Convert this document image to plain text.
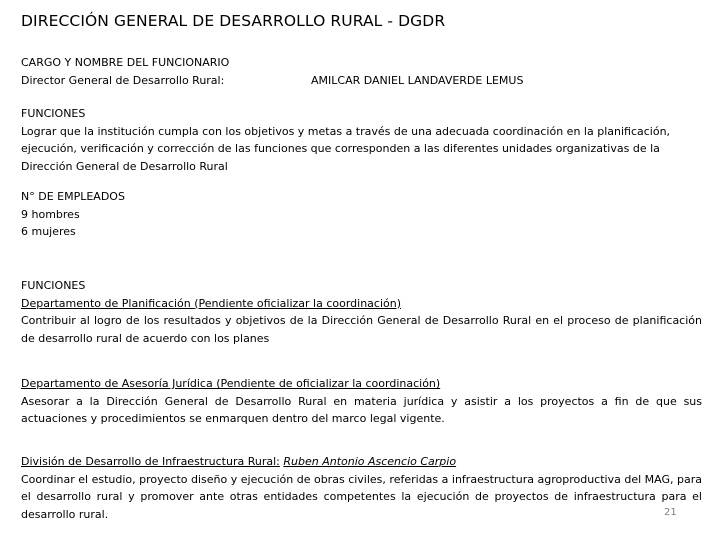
DIRECCIÓN GENERAL DE DESARROLLO RURAL - DGDR
CARGO Y NOMBRE DEL FUNCIONARIO
Director General de Desarrollo Rural:	AMILCAR DANIEL LANDAVERDE LEMUS
FUNCIONES
Lograr que la institución cumpla con los objetivos y metas a través de una adecuada coordinación en la planificación,
ejecución, verificación y corrección de las funciones que corresponden a las diferentes unidades organizativas de la
Dirección General de Desarrollo Rural
N° DE EMPLEADOS
9 hombres
6 mujeres
FUNCIONES
Departamento de Planificación (Pendiente oficializar la coordinación)
Contribuir al logro de los resultados y objetivos de la Dirección General de Desarrollo Rural en el proceso de planificación de desarrollo rural de acuerdo con los planes
Departamento de Asesoría Jurídica (Pendiente de oficializar la coordinación)
Asesorar a la Dirección General de Desarrollo Rural en materia jurídica y asistir a los proyectos a fin de que sus actuaciones y procedimientos se enmarquen dentro del marco legal vigente.
División de Desarrollo de Infraestructura Rural: Ruben Antonio Ascencio Carpio
Coordinar el estudio, proyecto diseño y ejecución de obras civiles, referidas a infraestructura agroproductiva del MAG, para el desarrollo rural y promover ante otras entidades competentes la ejecución de proyectos de infraestructura para el desarrollo rural.	21
